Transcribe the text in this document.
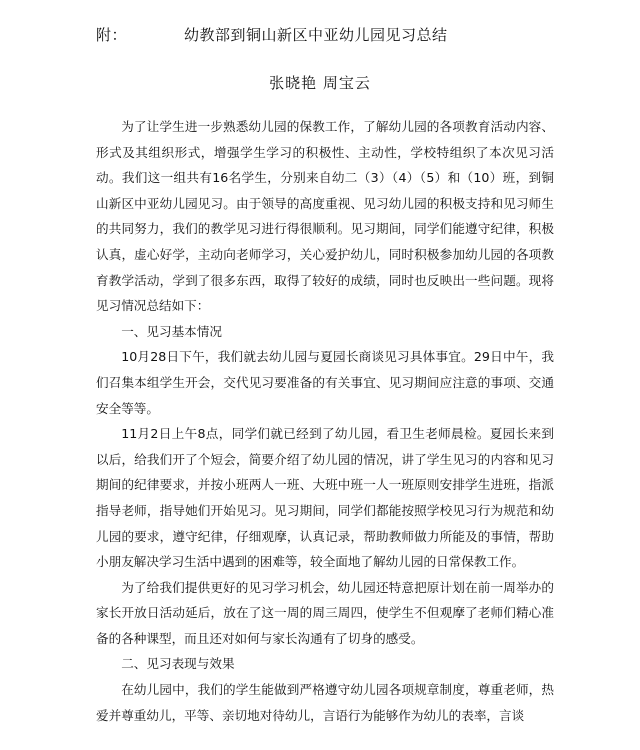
附：	幼教部到铜山新区中亚幼儿园见习总结
张晓艳 周宝云

为了让学生进一步熟悉幼儿园的保教工作，了解幼儿园的各项教育活动内容、形式及其组织形式，增强学生学习的积极性、主动性，学校特组织了本次见习活动。我们这一组共有16名学生，分别来自幼二（3）（4）（5）和（10）班，到铜山新区中亚幼儿园见习。由于领导的高度重视、见习幼儿园的积极支持和见习师生的共同努力，我们的教学见习进行得很顺利。见习期间，同学们能遵守纪律，积极认真，虚心好学，主动向老师学习，关心爱护幼儿，同时积极参加幼儿园的各项教育教学活动，学到了很多东西，取得了较好的成绩，同时也反映出一些问题。现将见习情况总结如下：

一、见习基本情况

10月28日下午，我们就去幼儿园与夏园长商谈见习具体事宜。29日中午，我们召集本组学生开会，交代见习要准备的有关事宜、见习期间应注意的事项、交通安全等等。

11月2日上午8点，同学们就已经到了幼儿园，看卫生老师晨检。夏园长来到以后，给我们开了个短会，简要介绍了幼儿园的情况，讲了学生见习的内容和见习期间的纪律要求，并按小班两人一班、大班中班一人一班原则安排学生进班，指派指导老师，指导她们开始见习。见习期间，同学们都能按照学校见习行为规范和幼儿园的要求，遵守纪律，仔细观摩，认真记录，帮助教师做力所能及的事情，帮助小朋友解决学习生活中遇到的困难等，较全面地了解幼儿园的日常保教工作。

为了给我们提供更好的见习学习机会，幼儿园还特意把原计划在前一周举办的家长开放日活动延后，放在了这一周的周三周四，使学生不但观摩了老师们精心准备的各种课型，而且还对如何与家长沟通有了切身的感受。

二、见习表现与效果

在幼儿园中，我们的学生能做到严格遵守幼儿园各项规章制度，尊重老师，热爱并尊重幼儿，平等、亲切地对待幼儿，言语行为能够作为幼儿的表率，言谈
